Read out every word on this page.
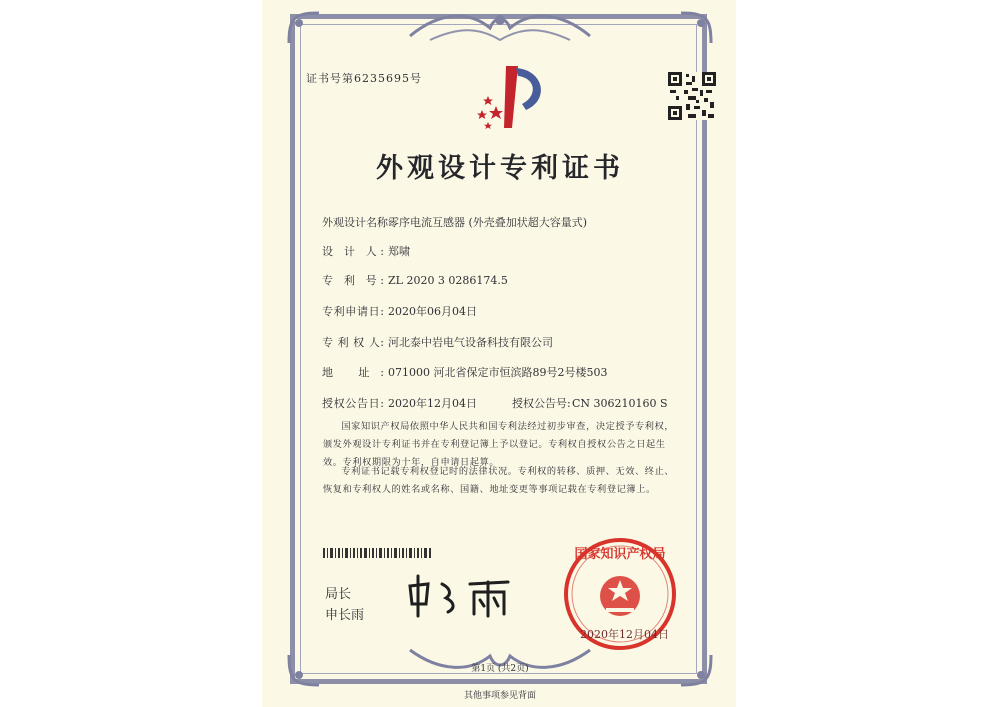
证书号第6235695号
外观设计专利证书
外观设计名称:零序电流互感器 (外壳叠加状超大容量式)
设 计 人: 郑啸
专 利 号: ZL 2020 3 0286174.5
专利申请日: 2020年06月04日
专 利 权 人: 河北泰中岩电气设备科技有限公司
地 址: 071000 河北省保定市恒滨路89号2号楼503
授权公告日: 2020年12月04日	授权公告号:CN 306210160 S
国家知识产权局依照中华人民共和国专利法经过初步审查，决定授予专利权，颁发外观设计专利证书并在专利登记簿上予以登记。专利权自授权公告之日起生效。专利权期限为十年，自申请日起算。
专利证书记载专利权登记时的法律状况。专利权的转移、质押、无效、终止、恢复和专利权人的姓名或名称、国籍、地址变更等事项记载在专利登记簿上。
局长
申长雨
国家知识产权局
2020年12月04日
第1页 (共2页)
其他事项参见背面
